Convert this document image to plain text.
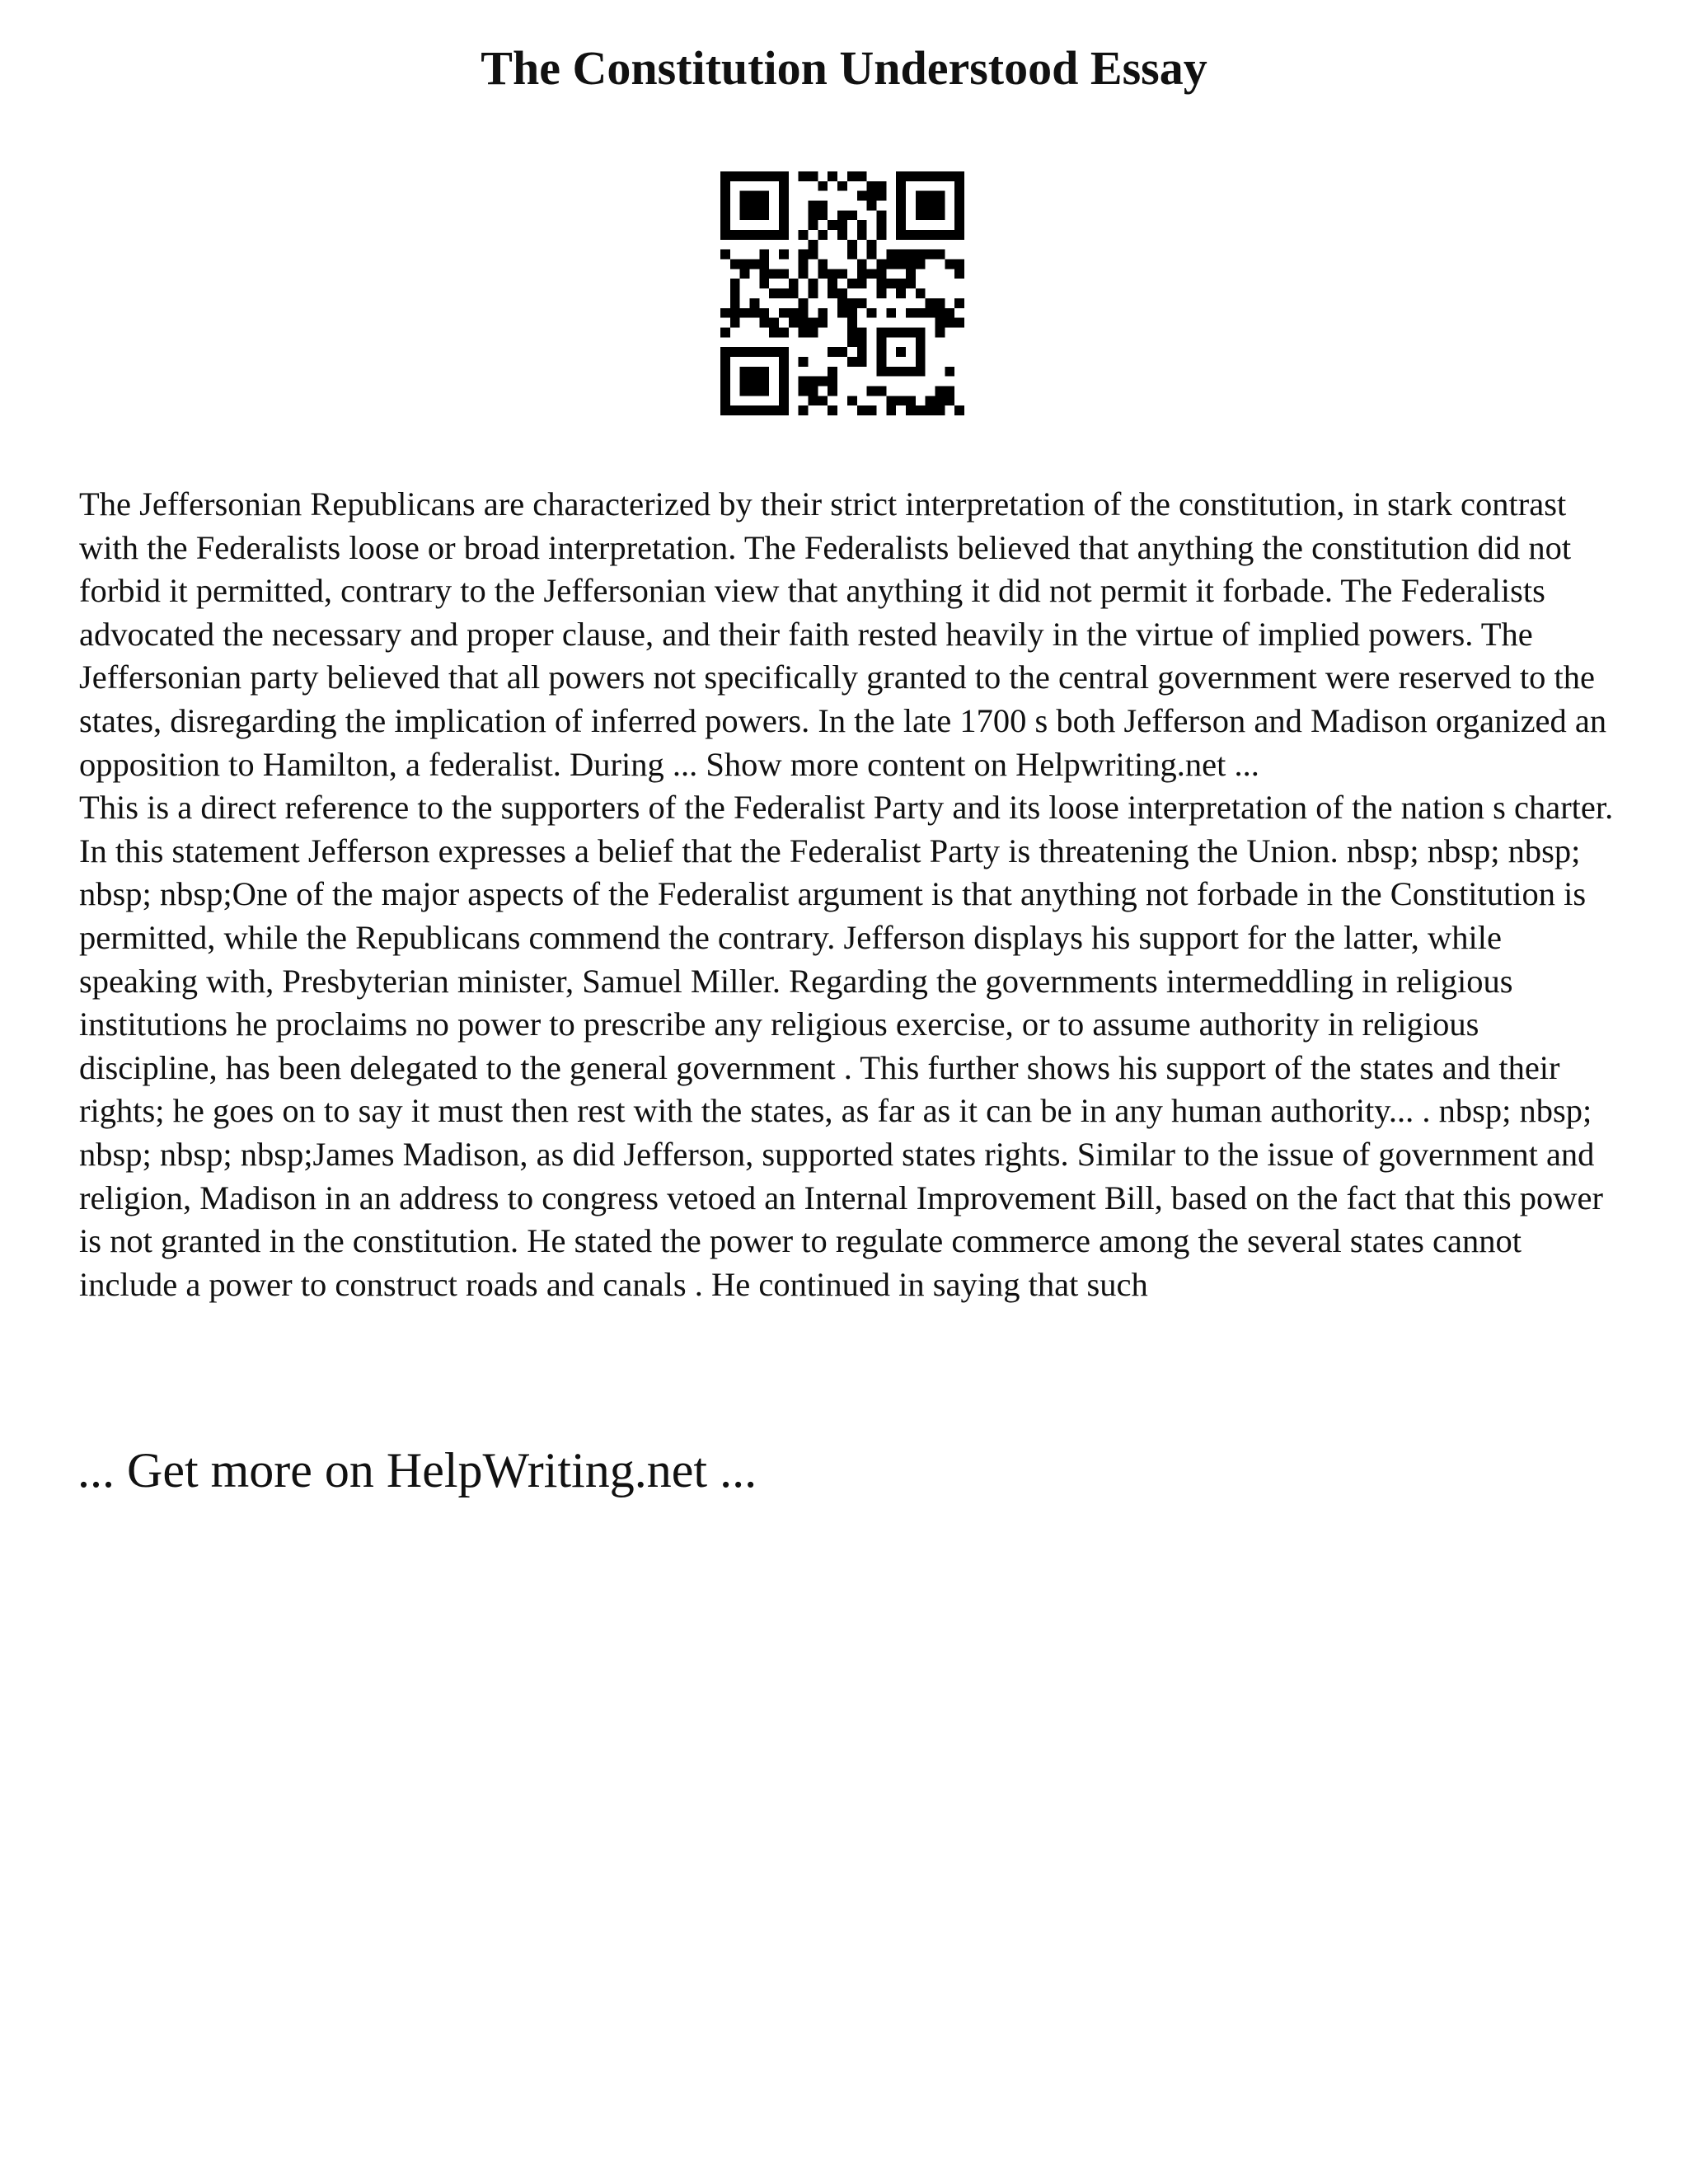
The Constitution Understood Essay

The Jeffersonian Republicans are characterized by their strict interpretation of the constitution, in stark contrast with the Federalists loose or broad interpretation. The Federalists believed that anything the constitution did not forbid it permitted, contrary to the Jeffersonian view that anything it did not permit it forbade. The Federalists advocated the necessary and proper clause, and their faith rested heavily in the virtue of implied powers. The Jeffersonian party believed that all powers not specifically granted to the central government were reserved to the states, disregarding the implication of inferred powers. In the late 1700 s both Jefferson and Madison organized an opposition to Hamilton, a federalist. During ... Show more content on Helpwriting.net ...

This is a direct reference to the supporters of the Federalist Party and its loose interpretation of the nation s charter. In this statement Jefferson expresses a belief that the Federalist Party is threatening the Union. nbsp; nbsp; nbsp; nbsp; nbsp;One of the major aspects of the Federalist argument is that anything not forbade in the Constitution is permitted, while the Republicans commend the contrary. Jefferson displays his support for the latter, while speaking with, Presbyterian minister, Samuel Miller. Regarding the governments intermeddling in religious institutions he proclaims no power to prescribe any religious exercise, or to assume authority in religious discipline, has been delegated to the general government . This further shows his support of the states and their rights; he goes on to say it must then rest with the states, as far as it can be in any human authority... . nbsp; nbsp; nbsp; nbsp; nbsp;James Madison, as did Jefferson, supported states rights. Similar to the issue of government and religion, Madison in an address to congress vetoed an Internal Improvement Bill, based on the fact that this power is not granted in the constitution. He stated the power to regulate commerce among the several states cannot include a power to construct roads and canals . He continued in saying that such

... Get more on HelpWriting.net ...
